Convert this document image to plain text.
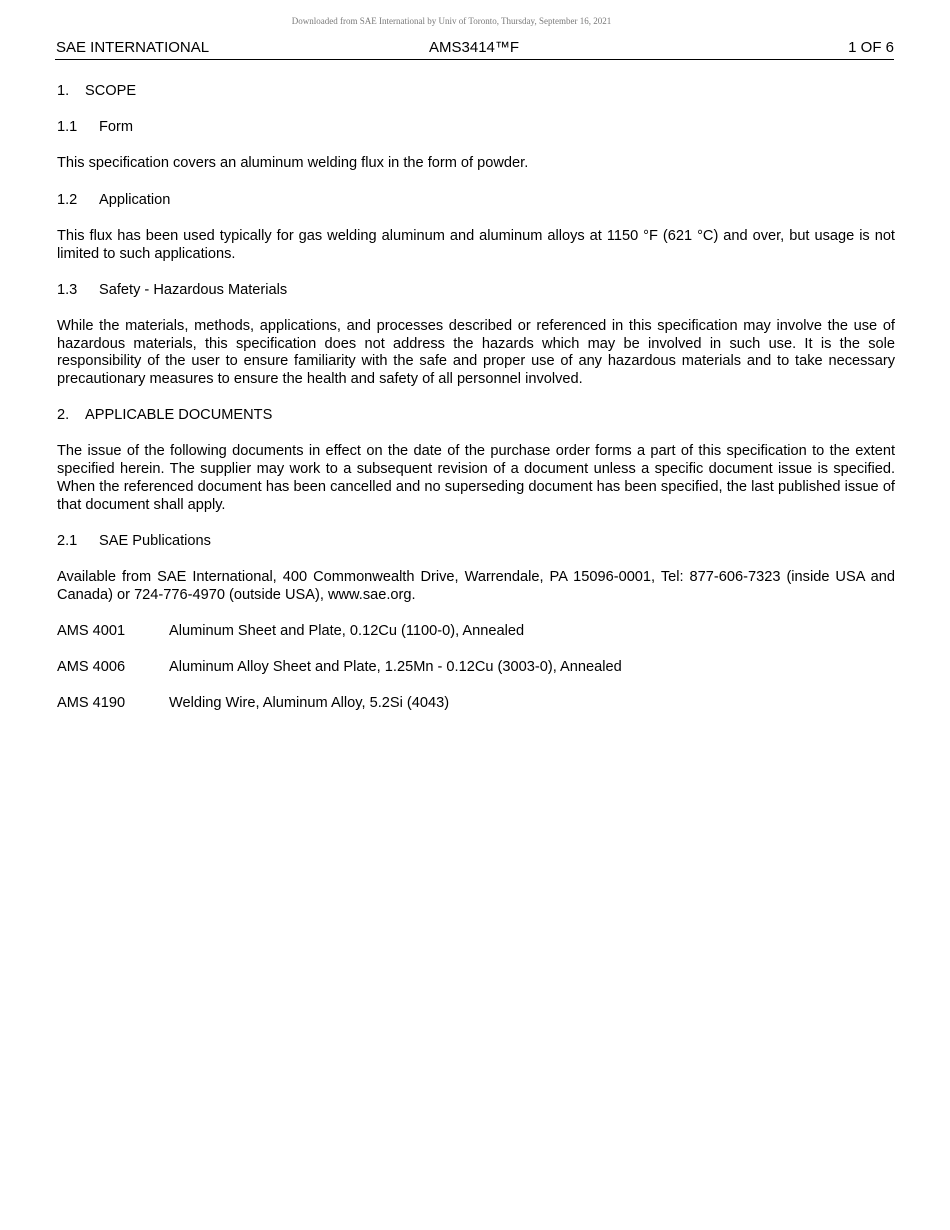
Downloaded from SAE International by Univ of Toronto, Thursday, September 16, 2021
SAE INTERNATIONAL	AMS3414™F	1 OF 6

1. SCOPE

1.1 Form

This specification covers an aluminum welding flux in the form of powder.

1.2 Application

This flux has been used typically for gas welding aluminum and aluminum alloys at 1150 °F (621 °C) and over, but usage is not limited to such applications.

1.3 Safety - Hazardous Materials

While the materials, methods, applications, and processes described or referenced in this specification may involve the use of hazardous materials, this specification does not address the hazards which may be involved in such use. It is the sole responsibility of the user to ensure familiarity with the safe and proper use of any hazardous materials and to take necessary precautionary measures to ensure the health and safety of all personnel involved.

2. APPLICABLE DOCUMENTS

The issue of the following documents in effect on the date of the purchase order forms a part of this specification to the extent specified herein. The supplier may work to a subsequent revision of a document unless a specific document issue is specified. When the referenced document has been cancelled and no superseding document has been specified, the last published issue of that document shall apply.

2.1 SAE Publications

Available from SAE International, 400 Commonwealth Drive, Warrendale, PA 15096-0001, Tel: 877-606-7323 (inside USA and Canada) or 724-776-4970 (outside USA), www.sae.org.

AMS 4001	Aluminum Sheet and Plate, 0.12Cu (1100-0), Annealed
AMS 4006	Aluminum Alloy Sheet and Plate, 1.25Mn - 0.12Cu (3003-0), Annealed
AMS 4190	Welding Wire, Aluminum Alloy, 5.2Si (4043)
